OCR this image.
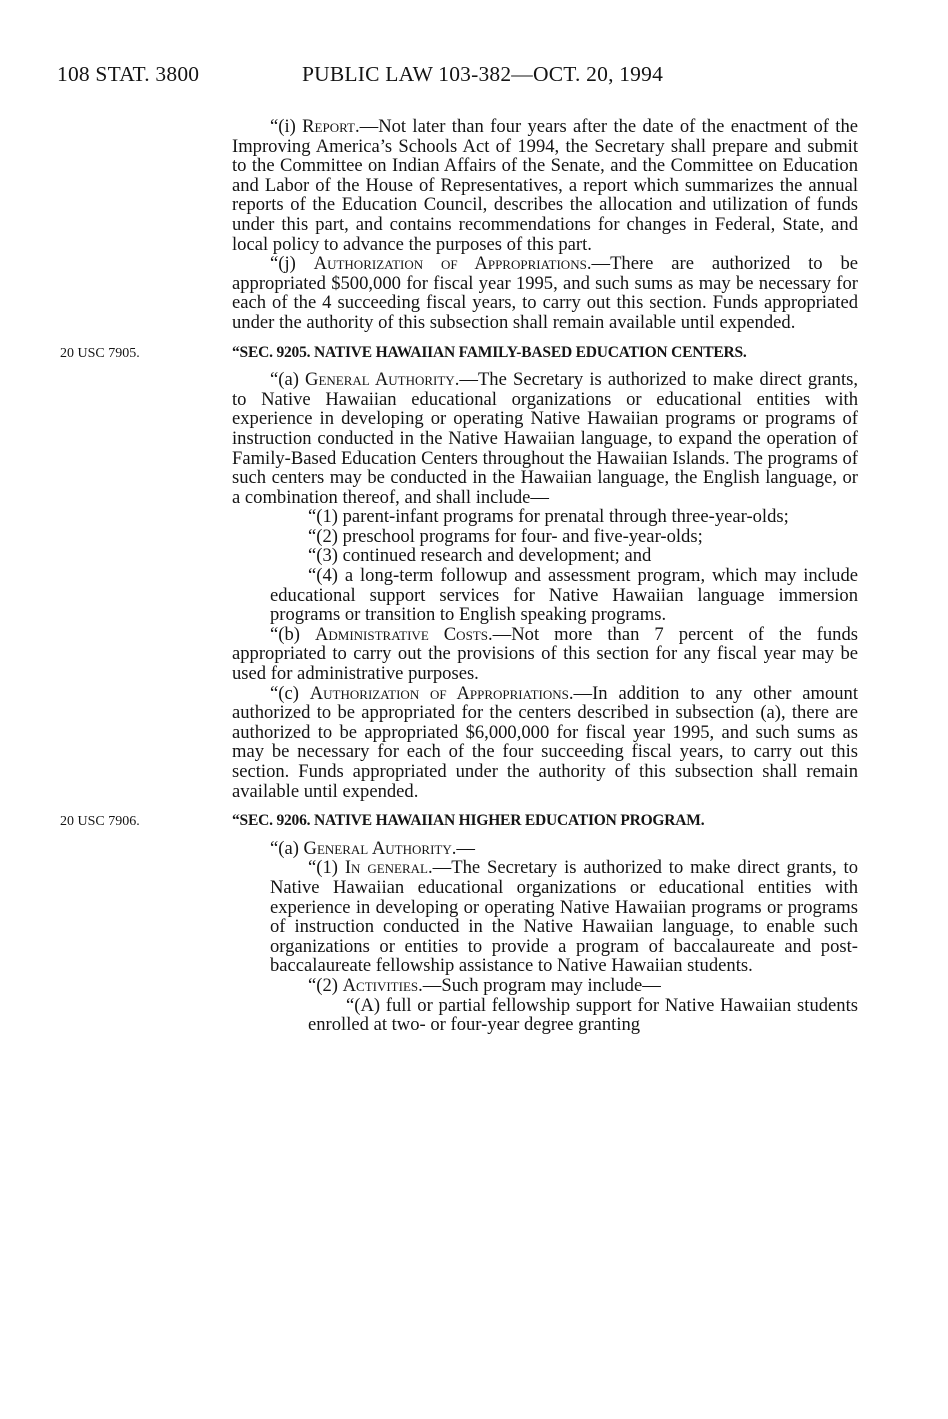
108 STAT. 3800	PUBLIC LAW 103-382—OCT. 20, 1994

“(i) Report.—Not later than four years after the date of the enactment of the Improving America’s Schools Act of 1994, the Secretary shall prepare and submit to the Committee on Indian Affairs of the Senate, and the Committee on Education and Labor of the House of Representatives, a report which summarizes the annual reports of the Education Council, describes the allocation and utilization of funds under this part, and contains recommendations for changes in Federal, State, and local policy to advance the purposes of this part.

“(j) Authorization of Appropriations.—There are authorized to be appropriated $500,000 for fiscal year 1995, and such sums as may be necessary for each of the 4 succeeding fiscal years, to carry out this section. Funds appropriated under the authority of this subsection shall remain available until expended.

20 USC 7905.	“SEC. 9205. NATIVE HAWAIIAN FAMILY-BASED EDUCATION CENTERS.

“(a) General Authority.—The Secretary is authorized to make direct grants, to Native Hawaiian educational organizations or educational entities with experience in developing or operating Native Hawaiian programs or programs of instruction conducted in the Native Hawaiian language, to expand the operation of Family-Based Education Centers throughout the Hawaiian Islands. The programs of such centers may be conducted in the Hawaiian language, the English language, or a combination thereof, and shall include—

“(1) parent-infant programs for prenatal through three-year-olds;

“(2) preschool programs for four- and five-year-olds;

“(3) continued research and development; and

“(4) a long-term followup and assessment program, which may include educational support services for Native Hawaiian language immersion programs or transition to English speaking programs.

“(b) Administrative Costs.—Not more than 7 percent of the funds appropriated to carry out the provisions of this section for any fiscal year may be used for administrative purposes.

“(c) Authorization of Appropriations.—In addition to any other amount authorized to be appropriated for the centers described in subsection (a), there are authorized to be appropriated $6,000,000 for fiscal year 1995, and such sums as may be necessary for each of the four succeeding fiscal years, to carry out this section. Funds appropriated under the authority of this subsection shall remain available until expended.

20 USC 7906.	“SEC. 9206. NATIVE HAWAIIAN HIGHER EDUCATION PROGRAM.

“(a) General Authority.—

“(1) In general.—The Secretary is authorized to make direct grants, to Native Hawaiian educational organizations or educational entities with experience in developing or operating Native Hawaiian programs or programs of instruction conducted in the Native Hawaiian language, to enable such organizations or entities to provide a program of baccalaureate and post-baccalaureate fellowship assistance to Native Hawaiian students.

“(2) Activities.—Such program may include—

“(A) full or partial fellowship support for Native Hawaiian students enrolled at two- or four-year degree granting
